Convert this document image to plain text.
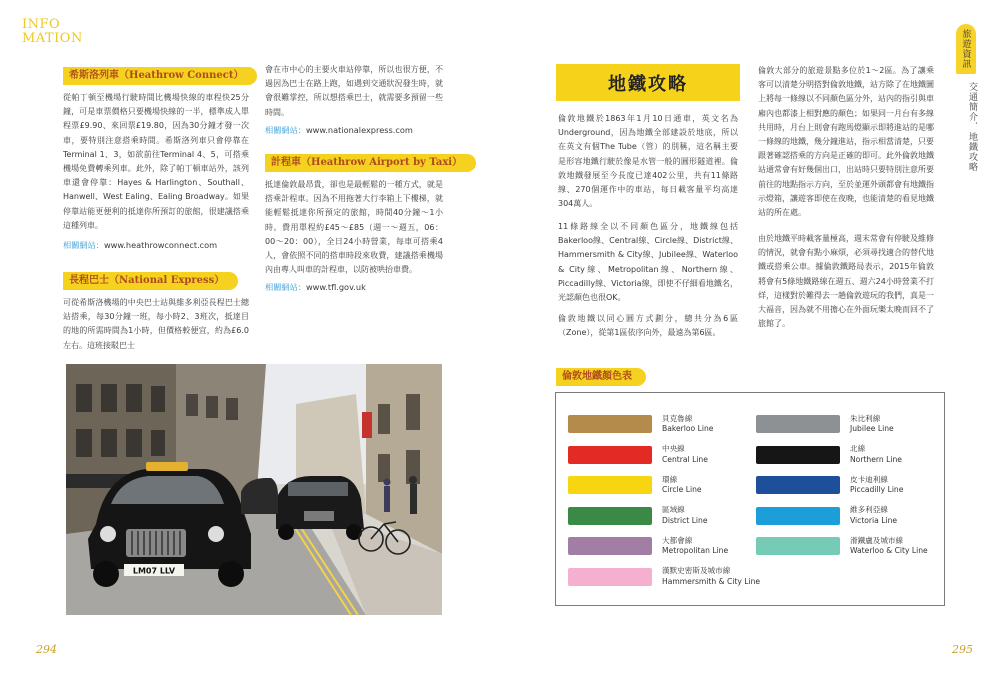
INFO
MATION	旅遊資訊
交通簡介．地鐵攻略
希斯洛列車（Heathrow Connect）
從帕丁頓至機場行駛時間比機場快線的車程快25分鐘，可是車票價格只要機場快線的一半，標準成人單程票£9.90、來回票£19.80，因為30分鐘才發一次車，要特別注意搭乘時間。希斯洛列車只會停靠在Terminal 1、3，如欲前往Terminal 4、5，可搭乘機場免費轉乘列車。此外，除了帕丁頓車站外，該列車還會停靠：Hayes & Harlington、Southall、Hanwell、West Ealing、Ealing Broadway。如果停靠站能更便利的抵達你所預訂的旅館，很建議搭乘這種列車。
相關網站：www.heathrowconnect.com
長程巴士（National Express）
可從希斯洛機場的中央巴士站與維多利亞長程巴士總站搭乘，每30分鐘一班，每小時2、3班次，抵達目的地的所需時間為1小時，但價格較便宜，約為£6.0左右。這班接駁巴士
會在市中心的主要火車站停靠，所以也很方便，不過因為巴士在路上跑，如遇到交通狀況發生時，就會很難掌控，所以想搭乘巴士，就需要多預留一些時間。
相關網站：www.nationalexpress.com
計程車（Heathrow Airport by Taxi）
抵達倫敦最昂貴，卻也是最輕鬆的一種方式，就是搭乘計程車。因為不用拖著大行李箱上下樓梯，就能輕鬆抵達你所預定的旅館，時間40分鐘～1小時。費用單程約£45～£85（週一～週五，06：00～20：00），全日24小時營業，每車可搭乘4人，會依照不同的搭車時段來收費，建議搭乘機場內由專人叫車的計程車，以防被哄抬車費。
相關網站：www.tfl.gov.uk
LM07 LLV
294
地鐵攻略
倫敦地鐵於1863年1月10日通車，英文名為Underground，因為地鐵全部建設於地底，所以在英文有個The Tube（管）的別稱，這名稱主要是形容地鐵行駛於像是水管一般的圓形隧道裡。倫敦地鐵發展至今長度已達402公里，共有11條路線、270個運作中的車站，每日載客量平均高達304萬人。
11條路線全以不同顏色區分，地鐵線包括Bakerloo線、Central線、Circle線、District線、Hammersmith & City線、Jubilee線、Waterloo & City線、Metropolitan線、Northern線、Piccadilly線、Victoria線，即使不仔細看地鐵名，光認顏色也很OK。
倫敦地鐵以同心圓方式劃分，總共分為6區（Zone），從第1區依序向外，最遠為第6區。
倫敦大部分的旅遊景點多位於1～2區。為了讓乘客可以清楚分明搭對倫敦地鐵，站方除了在地鐵圖上將每一條線以不同顏色區分外，站內的指引與車廂內也都漆上相對應的顏色；如果同一月台有多線共用時，月台上則會有跑馬燈顯示即將進站的是哪一條線的地鐵，幾分鐘進站，指示相當清楚，只要跟著確認搭乘的方向是正確的即可。此外倫敦地鐵站通常會有好幾個出口，出站時只要特別注意所要前往的地點指示方向，至於並運外頭都會有地鐵指示燈箱，讓遊客即使在夜晚，也能清楚的看見地鐵站的所在處。
由於地鐵平時載客量極高，週末常會有停駛及維修的情況，就會有點小麻煩，必須尋找適合的替代地鐵或搭乘公車。據倫敦鐵路局表示，2015年倫敦將會有5條地鐵路線在週五、週六24小時營業不打烊，這樣對於難得去一趟倫敦遊玩的我們，真是一大福音，因為就不用擔心在外面玩樂太晚而回不了旅館了。
倫敦地鐵顏色表
貝克魯線
Bakerloo Line
中央線
Central Line
環線
Circle Line
區域線
District Line
大都會線
Metropolitan Line
漢默史密斯及城市線
Hammersmith & City Line
朱比利線
Jubilee Line
北線
Northern Line
皮卡迪利線
Piccadilly Line
維多利亞線
Victoria Line
滑鐵盧及城市線
Waterloo & City Line
295
